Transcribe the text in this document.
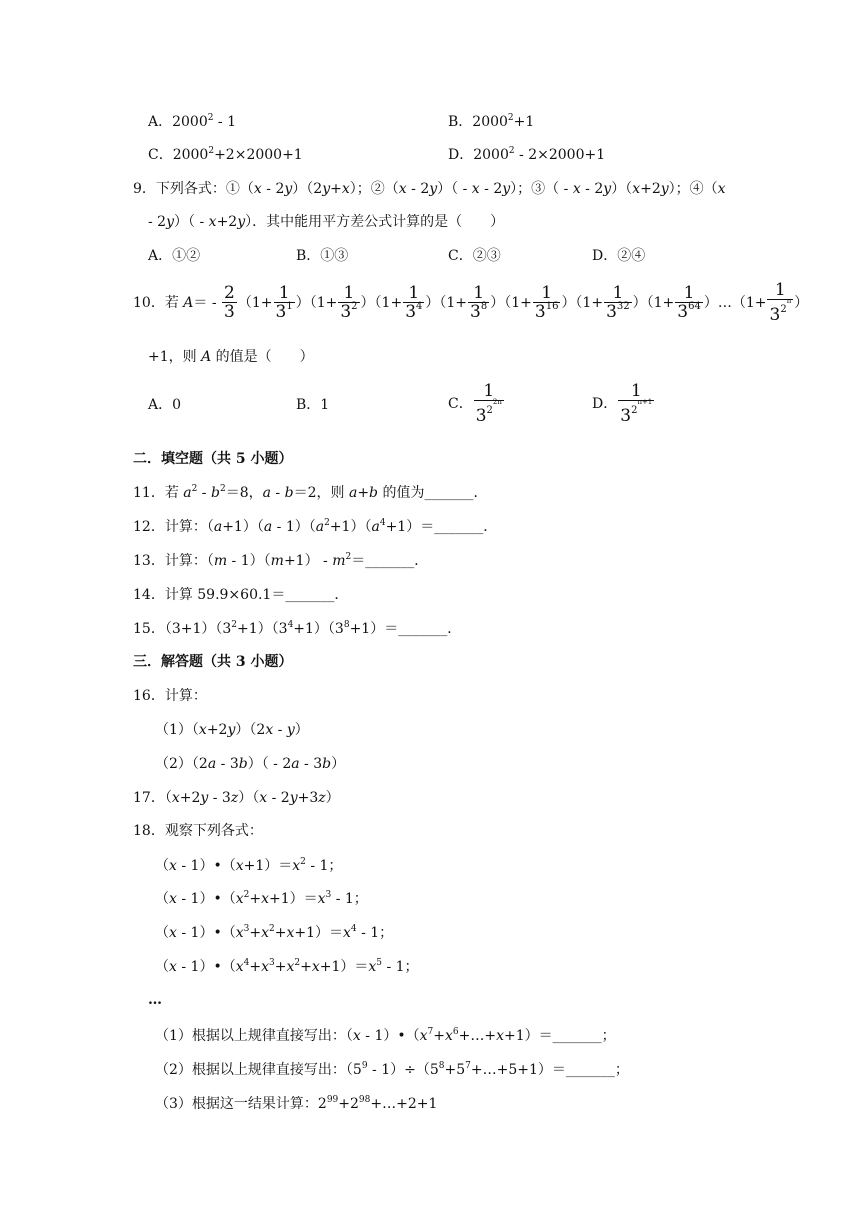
A．2000$^2$ ‑ 1	B．$2000^2+1$
C．$2000^2+2\times 2000+1$	D．2000$^2$ ‑ 2×2000+1
9．下列各式：①（x ‑ 2y）（2y+x）；②（x ‑ 2y）（ ‑ x ‑ 2y）；③（ ‑ x ‑ 2y）（x+2y）；④（x
‑ 2y）（ ‑ x+2y）．其中能用平方差公式计算的是（　　）
A．①②	B．①③	C．②③	D．②④
10．若 A＝ ‑ $\frac{2}{3} (1+ \frac{1}{3^1} )(1+ \frac{1}{3^2} )(1+ \frac{1}{3^4} )(1+ \frac{1}{3^8} )(1+ \frac{1}{3^{16}} )(1+ \frac{1}{3^{32}} )(1+ \frac{1}{3^{64}}$ ）…（1+ $\frac{1}{3^{2^n}}$ ）
+1，则 A 的值是（　　）
A．0	B．1	C． $\frac{1}{3^{2^{2n}}}$	D． $\frac{1}{3^{2^{n+1}}}$
二．填空题（共 5 小题）
11．若 $a^2$ ‑ $b^2=8$，a ‑ b＝2，则 a+b 的值为_______．
12．计算：（a+1）（a ‑ $1)(a^2+1)(a^4+1)=\_\_\_\_\_\_\_$．
13．计算：（m ‑ 1）（m+1） ‑ $m^2=\_\_\_\_\_\_\_$．
14．计算 59.9×60.1＝_______．
15．$(3+1)(3^2+1)(3^4+1)(3^8+1)=\_\_\_\_\_\_\_$．
三．解答题（共 3 小题）
16．计算：
（1）（x+2y）（2x ‑ y）
（2）（2a ‑ 3b）（ ‑ 2a ‑ 3b）
17．（x+2y ‑ 3z）（x ‑ 2y+3z）
18．观察下列各式：
（x ‑ $1)•(x+1)=x^2$ ‑ 1；
（x ‑ $1)•(x^2+x+1)=x^3$ ‑ 1；
（x ‑ $1)•(x^3+x^2+x+1)=x^4$ ‑ 1；
（x ‑ $1)•(x^4+x^3+x^2+x+1)=x^5$ ‑ 1；
…
（1）根据以上规律直接写出：（x ‑ $1)•(x^7+x^6+\dots+x+1)=\_\_\_\_\_\_\_$；
（2）根据以上规律直接写出：（$5^9$ ‑ $1)\div(5^8+5^7+\dots+5+1)=\_\_\_\_\_\_\_$；
（3）根据这一结果计算：$2^{99}+2^{98}+\dots+2+1$
